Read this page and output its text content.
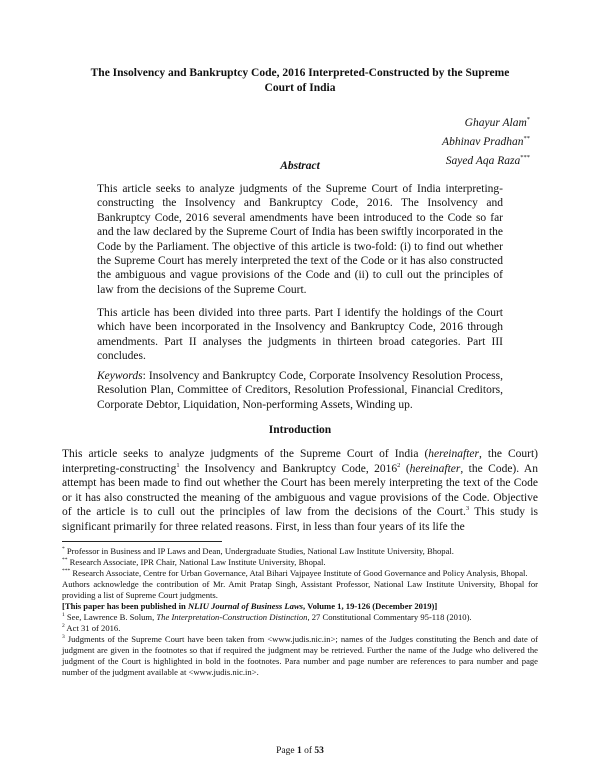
The Insolvency and Bankruptcy Code, 2016 Interpreted-Constructed by the Supreme Court of India
Ghayur Alam*
Abhinav Pradhan**
Sayed Aqa Raza***
Abstract

This article seeks to analyze judgments of the Supreme Court of India interpreting-constructing the Insolvency and Bankruptcy Code, 2016. The Insolvency and Bankruptcy Code, 2016 several amendments have been introduced to the Code so far and the law declared by the Supreme Court of India has been swiftly incorporated in the Code by the Parliament. The objective of this article is two-fold: (i) to find out whether the Supreme Court has merely interpreted the text of the Code or it has also constructed the ambiguous and vague provisions of the Code and (ii) to cull out the principles of law from the decisions of the Supreme Court.

This article has been divided into three parts. Part I identify the holdings of the Court which have been incorporated in the Insolvency and Bankruptcy Code, 2016 through amendments. Part II analyses the judgments in thirteen broad categories. Part III concludes.

Keywords: Insolvency and Bankruptcy Code, Corporate Insolvency Resolution Process, Resolution Plan, Committee of Creditors, Resolution Professional, Financial Creditors, Corporate Debtor, Liquidation, Non-performing Assets, Winding up.

Introduction

This article seeks to analyze judgments of the Supreme Court of India (hereinafter, the Court) interpreting-constructing$^1$ the Insolvency and Bankruptcy Code, 2016$^2$ (hereinafter, the Code). An attempt has been made to find out whether the Court has been merely interpreting the text of the Code or it has also constructed the meaning of the ambiguous and vague provisions of the Code. Objective of the article is to cull out the principles of law from the decisions of the Court.$^3$ This study is significant primarily for three related reasons. First, in less than four years of its life the

* Professor in Business and IP Laws and Dean, Undergraduate Studies, National Law Institute University, Bhopal.

** Research Associate, IPR Chair, National Law Institute University, Bhopal.

*** Research Associate, Centre for Urban Governance, Atal Bihari Vajpayee Institute of Good Governance and Policy Analysis, Bhopal.

Authors acknowledge the contribution of Mr. Amit Pratap Singh, Assistant Professor, National Law Institute University, Bhopal for providing a list of Supreme Court judgments.

[This paper has been published in NLIU Journal of Business Laws, Volume 1, 19-126 (December 2019)]

$^1$ See, Lawrence B. Solum, The Interpretation-Construction Distinction, 27 Constitutional Commentary 95-118 (2010).

$^2$ Act 31 of 2016.

$^3$ Judgments of the Supreme Court have been taken from <www.judis.nic.in>; names of the Judges constituting the Bench and date of judgment are given in the footnotes so that if required the judgment may be retrieved. Further the name of the Judge who delivered the judgment of the Court is highlighted in bold in the footnotes. Para number and page number are references to para number and page number of the judgment available at <www.judis.nic.in>.

Page 1 of 53
